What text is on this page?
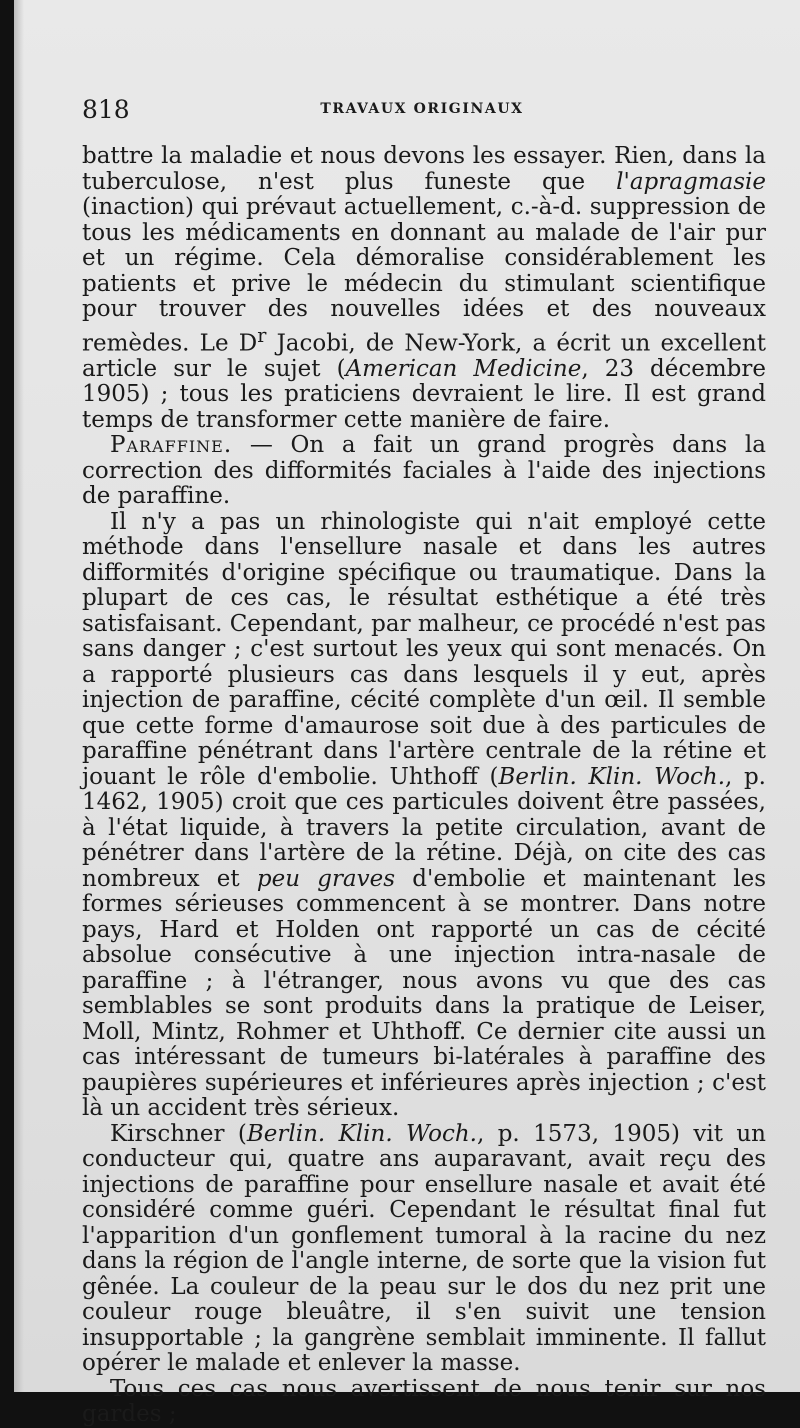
818	TRAVAUX ORIGINAUX

battre la maladie et nous devons les essayer. Rien, dans la tuberculose, n'est plus funeste que l'apragmasie (inaction) qui prévaut actuellement, c.-à-d. suppression de tous les médicaments en donnant au malade de l'air pur et un régime. Cela démoralise considérablement les patients et prive le médecin du stimulant scientifique pour trouver des nouvelles idées et des nouveaux remèdes. Le $D^r$ Jacobi, de New-York, a écrit un excellent article sur le sujet (American Medicine, 23 décembre 1905) ; tous les praticiens devraient le lire. Il est grand temps de transformer cette manière de faire.

Paraffine. — On a fait un grand progrès dans la correction des difformités faciales à l'aide des injections de paraffine.

Il n'y a pas un rhinologiste qui n'ait employé cette méthode dans l'ensellure nasale et dans les autres difformités d'origine spécifique ou traumatique. Dans la plupart de ces cas, le résultat esthétique a été très satisfaisant. Cependant, par malheur, ce procédé n'est pas sans danger ; c'est surtout les yeux qui sont menacés. On a rapporté plusieurs cas dans lesquels il y eut, après injection de paraffine, cécité complète d'un œil. Il semble que cette forme d'amaurose soit due à des particules de paraffine pénétrant dans l'artère centrale de la rétine et jouant le rôle d'embolie. Uhthoff (Berlin. Klin. Woch., p. 1462, 1905) croit que ces particules doivent être passées, à l'état liquide, à travers la petite circulation, avant de pénétrer dans l'artère de la rétine. Déjà, on cite des cas nombreux et peu graves d'embolie et maintenant les formes sérieuses commencent à se montrer. Dans notre pays, Hard et Holden ont rapporté un cas de cécité absolue consécutive à une injection intra-nasale de paraffine ; à l'étranger, nous avons vu que des cas semblables se sont produits dans la pratique de Leiser, Moll, Mintz, Rohmer et Uhthoff. Ce dernier cite aussi un cas intéressant de tumeurs bi-latérales à paraffine des paupières supérieures et inférieures après injection ; c'est là un accident très sérieux.

Kirschner (Berlin. Klin. Woch., p. 1573, 1905) vit un conducteur qui, quatre ans auparavant, avait reçu des injections de paraffine pour ensellure nasale et avait été considéré comme guéri. Cependant le résultat final fut l'apparition d'un gonflement tumoral à la racine du nez dans la région de l'angle interne, de sorte que la vision fut gênée. La couleur de la peau sur le dos du nez prit une couleur rouge bleuâtre, il s'en suivit une tension insupportable ; la gangrène semblait imminente. Il fallut opérer le malade et enlever la masse.

Tous ces cas nous avertissent de nous tenir sur nos gardes ;
